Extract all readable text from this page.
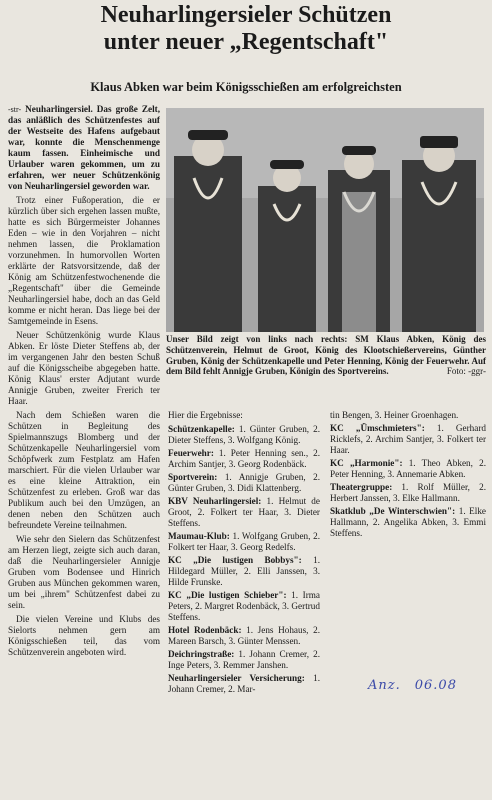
Neuharlingersieler Schützen
unter neuer „Regentschaft"
Klaus Abken war beim Königsschießen am erfolgreichsten

-str- Neuharlingersiel. Das große Zelt, das anläßlich des Schützenfestes auf der Westseite des Hafens aufgebaut war, konnte die Menschenmenge kaum fassen. Einheimische und Urlauber waren gekommen, um zu erfahren, wer neuer Schützenkönig von Neuharlingersiel geworden war.

Trotz einer Fußoperation, die er kürzlich über sich ergehen lassen mußte, hatte es sich Bürgermeister Johannes Eden – wie in den Vorjahren – nicht nehmen lassen, die Proklamation vorzunehmen. In humorvollen Worten erklärte der Ratsvorsitzende, daß der König am Schützenfestwochenende die „Regentschaft" über die Gemeinde Neuharlingersiel habe, doch an das Geld komme er nicht heran. Das liege bei der Samtgemeinde in Esens.

Neuer Schützenkönig wurde Klaus Abken. Er löste Dieter Steffens ab, der im vergangenen Jahr den besten Schuß auf die Königsscheibe abgegeben hatte. König Klaus' erster Adjutant wurde Annigje Gruben, zweiter Frerich ter Haar.

Nach dem Schießen waren die Schützen in Begleitung des Spielmannszugs Blomberg und der Schützenkapelle Neuharlingersiel vom Schöpfwerk zum Festplatz am Hafen marschiert. Für die vielen Urlauber war es eine kleine Attraktion, ein Schützenfest zu erleben. Groß war das Publikum auch bei den Umzügen, an denen neben den Schützen auch befreundete Vereine teilnahmen.

Wie sehr den Sielern das Schützenfest am Herzen liegt, zeigte sich auch daran, daß die Neuharlingersieler Annigje Gruben vom Bodensee und Hinrich Gruben aus München gekommen waren, um bei „ihrem" Schützenfest dabei zu sein.

Die vielen Vereine und Klubs des Sielorts nehmen gern am Königsschießen teil, das vom Schützenverein angeboten wird.

Unser Bild zeigt von links nach rechts: SM Klaus Abken, König des Schützenverein, Helmut de Groot, König des Klootschießervereins, Günther Gruben, König der Schützenkapelle und Peter Henning, König der Feuerwehr. Auf dem Bild fehlt Annigje Gruben, Königin des Sportvereins.	Foto: -ggr-
Hier die Ergebnisse:
Schützenkapelle: 1. Günter Gruben, 2. Dieter Steffens, 3. Wolfgang König.
Feuerwehr: 1. Peter Henning sen., 2. Archim Santjer, 3. Georg Rodenbäck.
Sportverein: 1. Annigje Gruben, 2. Günter Gruben, 3. Didi Klattenberg.
KBV Neuharlingersiel: 1. Helmut de Groot, 2. Folkert ter Haar, 3. Dieter Steffens.
Maumau-Klub: 1. Wolfgang Gruben, 2. Folkert ter Haar, 3. Georg Redelfs.
KC „Die lustigen Bobbys": 1. Hildegard Müller, 2. Elli Janssen, 3. Hilde Frunske.
KC „Die lustigen Schieber": 1. Irma Peters, 2. Margret Rodenbäck, 3. Gertrud Steffens.
Hotel Rodenbäck: 1. Jens Hohaus, 2. Mareen Barsch, 3. Günter Menssen.
Deichringstraße: 1. Johann Cremer, 2. Inge Peters, 3. Remmer Janshen.
Neuharlingersieler Versicherung: 1. Johann Cremer, 2. Mar-
tin Bengen, 3. Heiner Groenhagen.
KC „Ümschmieters": 1. Gerhard Ricklefs, 2. Archim Santjer, 3. Folkert ter Haar.
KC „Harmonie": 1. Theo Abken, 2. Peter Henning, 3. Annemarie Abken.
Theatergruppe: 1. Rolf Müller, 2. Herbert Janssen, 3. Elke Hallmann.
Skatklub „De Winterschwien": 1. Elke Hallmann, 2. Angelika Abken, 3. Emmi Steffens.
Anz. 06.08
